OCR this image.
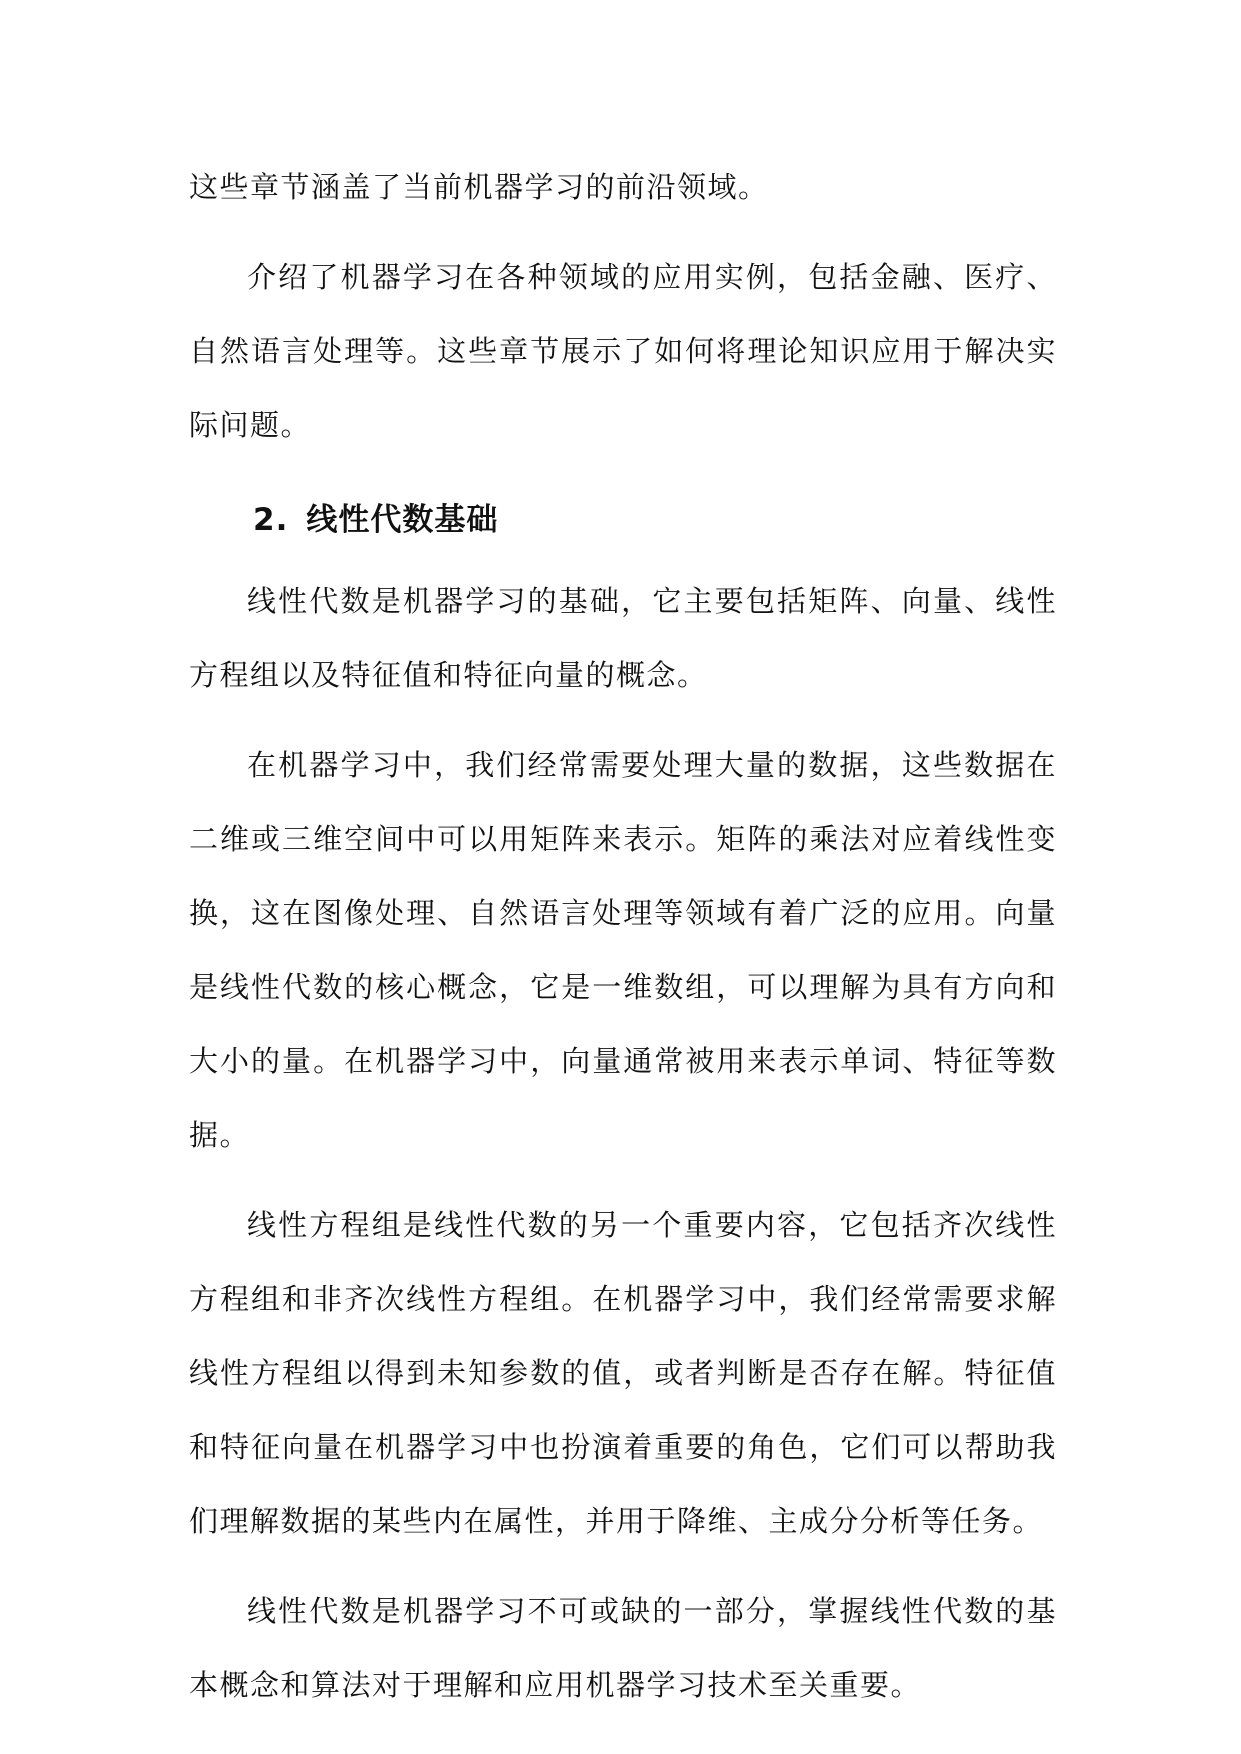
这些章节涵盖了当前机器学习的前沿领域。

介绍了机器学习在各种领域的应用实例，包括金融、医疗、自然语言处理等。这些章节展示了如何将理论知识应用于解决实际问题。

2. 线性代数基础

线性代数是机器学习的基础，它主要包括矩阵、向量、线性方程组以及特征值和特征向量的概念。

在机器学习中，我们经常需要处理大量的数据，这些数据在二维或三维空间中可以用矩阵来表示。矩阵的乘法对应着线性变换，这在图像处理、自然语言处理等领域有着广泛的应用。向量是线性代数的核心概念，它是一维数组，可以理解为具有方向和大小的量。在机器学习中，向量通常被用来表示单词、特征等数据。

线性方程组是线性代数的另一个重要内容，它包括齐次线性方程组和非齐次线性方程组。在机器学习中，我们经常需要求解线性方程组以得到未知参数的值，或者判断是否存在解。特征值和特征向量在机器学习中也扮演着重要的角色，它们可以帮助我们理解数据的某些内在属性，并用于降维、主成分分析等任务。

线性代数是机器学习不可或缺的一部分，掌握线性代数的基本概念和算法对于理解和应用机器学习技术至关重要。
